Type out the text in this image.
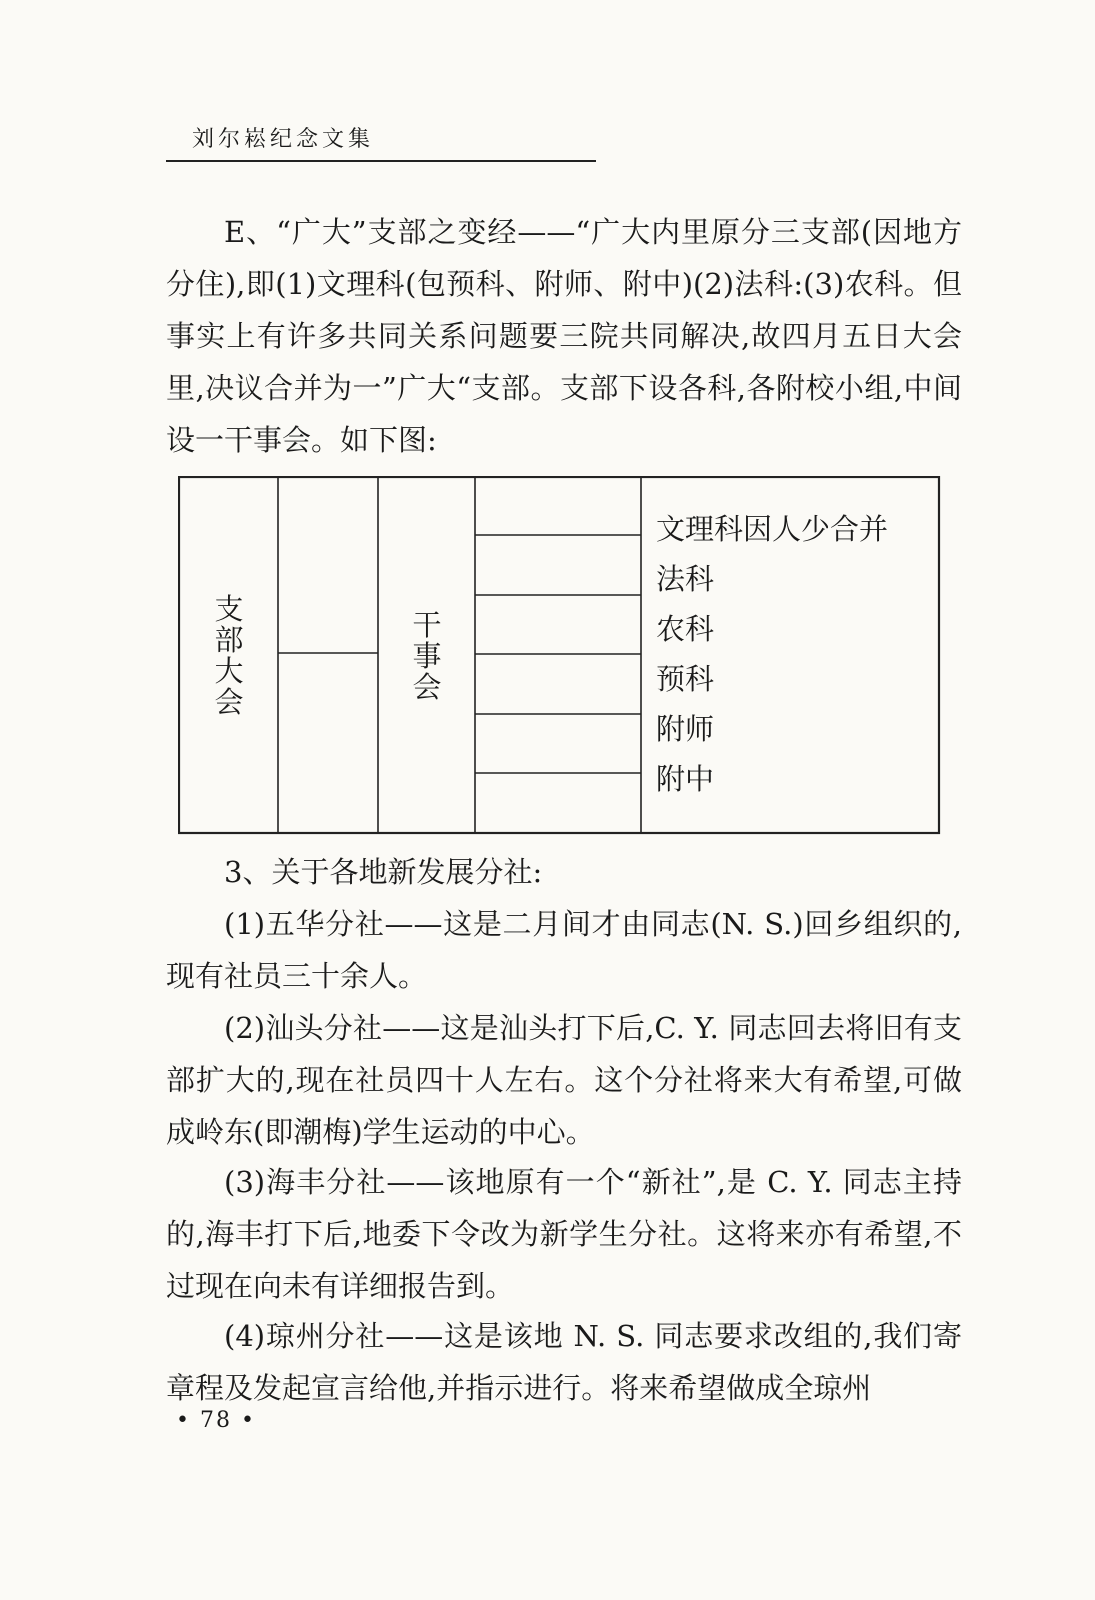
刘尔崧纪念文集

E、“广大”支部之变经——“广大内里原分三支部(因地方分住),即(1)文理科(包预科、附师、附中)(2)法科:(3)农科。但事实上有许多共同关系问题要三院共同解决,故四月五日大会里,决议合并为一”广大“支部。支部下设各科,各附校小组,中间设一干事会。如下图:

支
部
大
会
干
事
会
文理科因人少合并
法科
农科
预科
附师
附中

3、关于各地新发展分社:

(1)五华分社——这是二月间才由同志(N. S.)回乡组织的,现有社员三十余人。

(2)汕头分社——这是汕头打下后,C. Y. 同志回去将旧有支部扩大的,现在社员四十人左右。这个分社将来大有希望,可做成岭东(即潮梅)学生运动的中心。

(3)海丰分社——该地原有一个“新社”,是 C. Y. 同志主持的,海丰打下后,地委下令改为新学生分社。这将来亦有希望,不过现在向未有详细报告到。

(4)琼州分社——这是该地 N. S. 同志要求改组的,我们寄章程及发起宣言给他,并指示进行。将来希望做成全琼州

• 78 •
